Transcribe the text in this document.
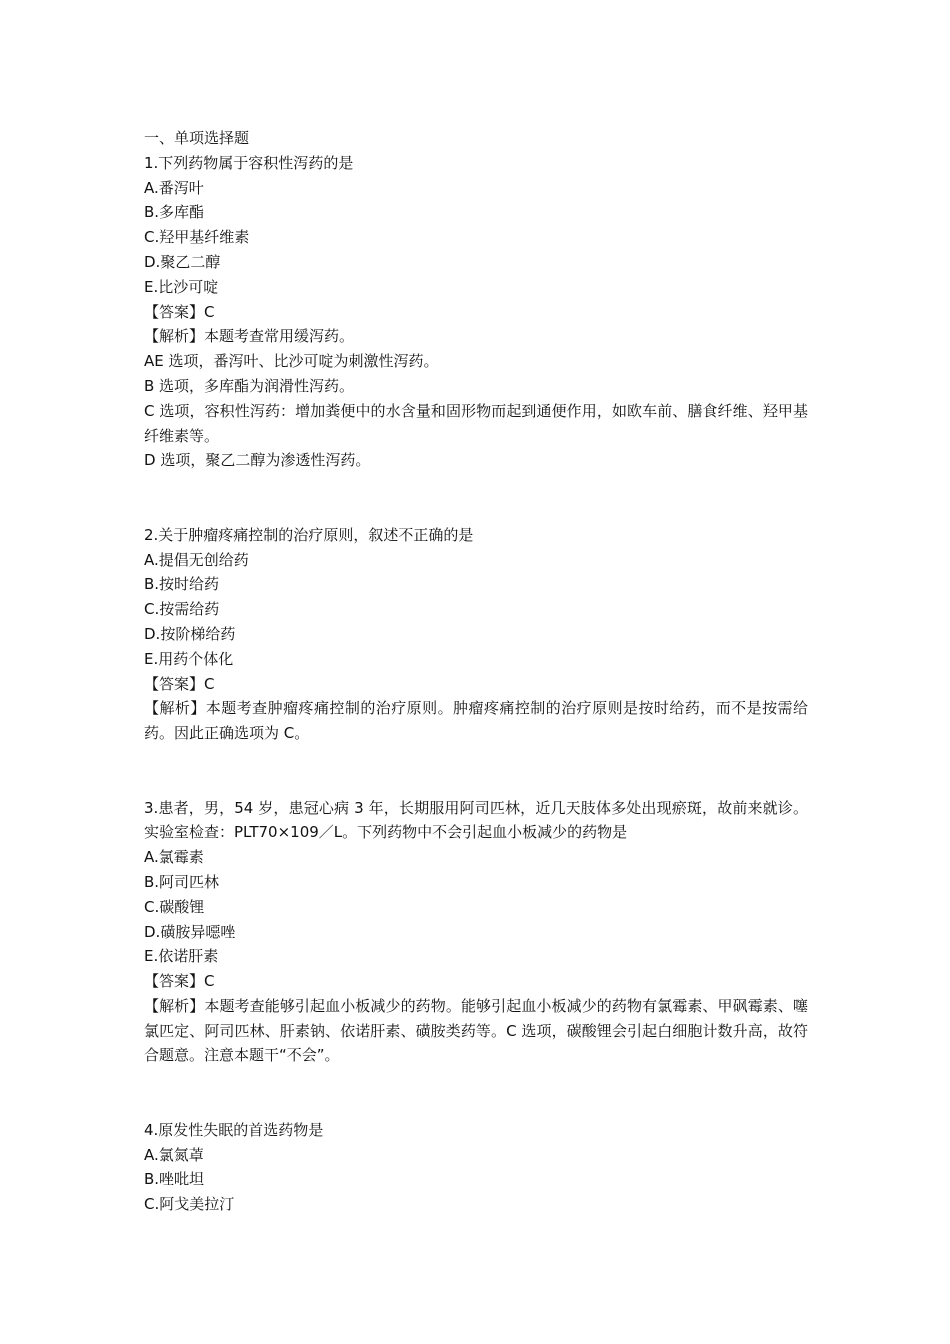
一、单项选择题

1.下列药物属于容积性泻药的是

A.番泻叶

B.多库酯

C.羟甲基纤维素

D.聚乙二醇

E.比沙可啶

【答案】C

【解析】本题考查常用缓泻药。

AE 选项，番泻叶、比沙可啶为刺激性泻药。

B 选项，多库酯为润滑性泻药。

C 选项，容积性泻药：增加粪便中的水含量和固形物而起到通便作用，如欧车前、膳食纤维、羟甲基纤维素等。

D 选项，聚乙二醇为渗透性泻药。

2.关于肿瘤疼痛控制的治疗原则，叙述不正确的是

A.提倡无创给药

B.按时给药

C.按需给药

D.按阶梯给药

E.用药个体化

【答案】C

【解析】本题考查肿瘤疼痛控制的治疗原则。肿瘤疼痛控制的治疗原则是按时给药，而不是按需给药。因此正确选项为 C。

3.患者，男，54 岁，患冠心病 3 年，长期服用阿司匹林，近几天肢体多处出现瘀斑，故前来就诊。实验室检查：PLT70×109／L。下列药物中不会引起血小板减少的药物是

A.氯霉素

B.阿司匹林

C.碳酸锂

D.磺胺异噁唑

E.依诺肝素

【答案】C

【解析】本题考查能够引起血小板减少的药物。能够引起血小板减少的药物有氯霉素、甲砜霉素、噻氯匹定、阿司匹林、肝素钠、依诺肝素、磺胺类药等。C 选项，碳酸锂会引起白细胞计数升高，故符合题意。注意本题干“不会”。

4.原发性失眠的首选药物是

A.氯氮䓬

B.唑吡坦

C.阿戈美拉汀
